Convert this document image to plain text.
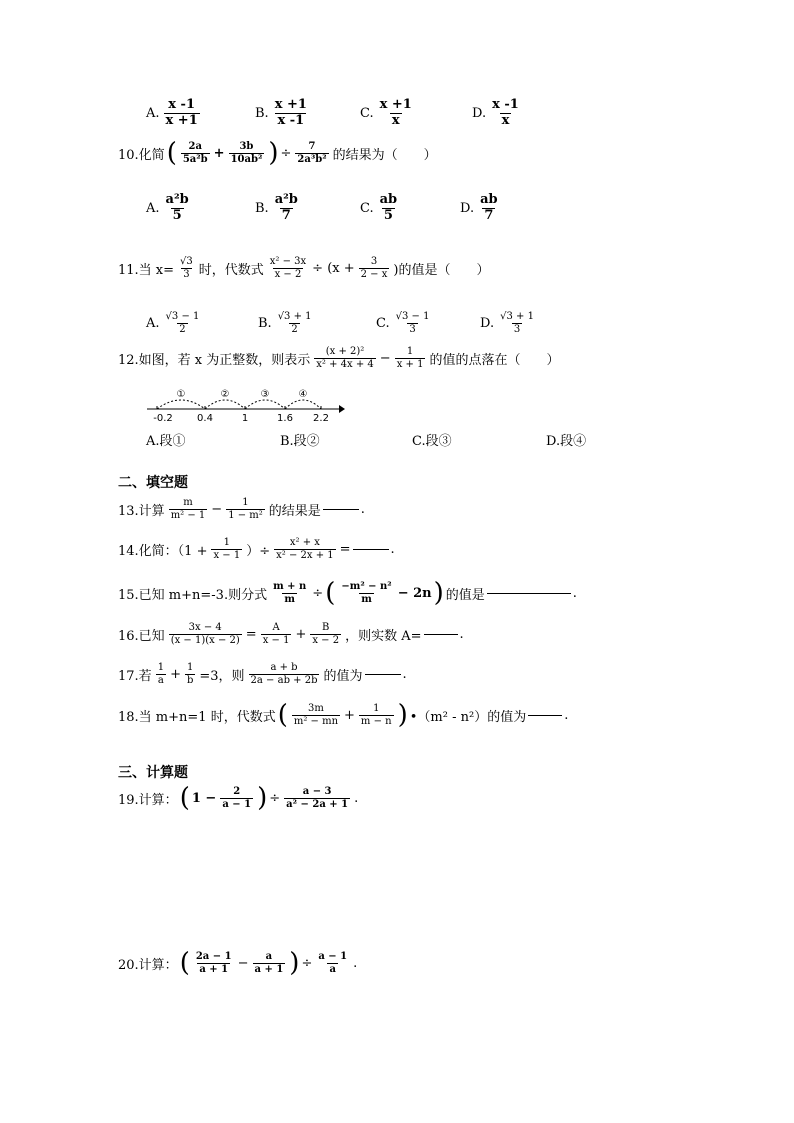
A. $\frac{x -1}{x +1}$	B. $\frac{x +1}{x -1}$	C. $\frac{x +1}{x}$	D. $\frac{x -1}{x}$
10.化简 ( $\frac{2a}{\text{5a²b}} + \frac{3b}{\text{10ab²}}$ ) ÷ $\frac{7}{\text{2a³b²}}$ 的结果为（　　）
A. $\frac{\text{a²b}}{5}$	B. $\frac{\text{a²b}}{7}$	C. $\frac{ab}{5}$	D. $\frac{ab}{7}$
11.当 $x= \frac{√3}{3}$ 时，代数式 $\frac{\text{x² − 3x}}{x - 2} \div (x + \frac{3}{2 - x}$ )的值是（　　）
A. $\frac{√3 - 1}{2}$	B. $\frac{√3 + 1}{2}$	C. $\frac{√3 - 1}{3}$	D. $\frac{√3 + 1}{3}$
12.如图，若 x 为正整数，则表示 $\frac{\text{(x + 2)²}}{\text{x² + 4x + 4}} - \frac{1}{x + 1}$ 的值的点落在（　　）
①	②	③	④
-0.2 0.4	1	1.6 2.2
A.段①	B.段②	C.段③	D.段④
二、填空题
13.计算 $\frac{m}{\text{m² − 1}} - \frac{1}{\text{1 − m²}}$ 的结果是	.
14.化简：（$1 + \frac{1}{x - 1}$ ）÷ $\frac{\text{x² + x}}{\text{x² − 2x + 1}}$ =	.
15.已知 m+n=-3.则分式 $\frac{m + n}{m}$ ÷ ( $\frac{\text{−m² − n²}}{m} - 2n$ ) 的值是	.
16.已知 $\frac{3x - 4}{(x - 1)(x - 2)} = \frac{A}{x - 1} + \frac{B}{x - 2}$ ，则实数 A=	.
17.若 $\frac{1}{a} + \frac{1}{b} =3$，则 $\frac{a + b}{2a - ab + 2b}$ 的值为	.
18.当 m+n=1 时，代数式 ( $\frac{3m}{\text{m² − mn}} + \frac{1}{m - n}$ ) •（m² - n²）的值为	.
三、计算题
19.计算： ( $1 - \frac{2}{a - 1}$ ) ÷ $\frac{a - 3}{\text{a² − 2a + 1}}$ .
20.计算： ( $\frac{2a - 1}{a + 1} - \frac{a}{a + 1}$ ) ÷ $\frac{a - 1}{a}$ .
